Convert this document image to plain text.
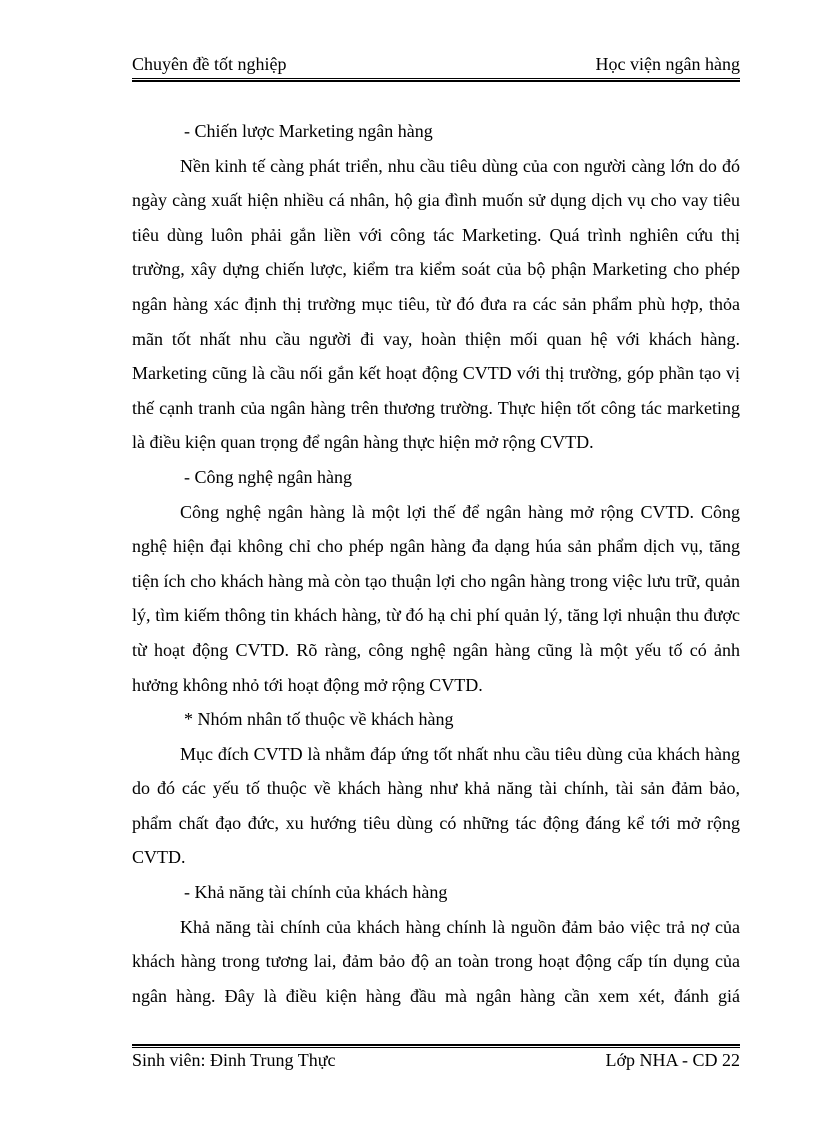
Chuyên đề tốt nghiệp	Học viện ngân hàng

- Chiến lược Marketing ngân hàng

Nền kinh tế càng phát triển, nhu cầu tiêu dùng của con người càng lớn do đó ngày càng xuất hiện nhiều cá nhân, hộ gia đình muốn sử dụng dịch vụ cho vay tiêu tiêu dùng luôn phải gắn liền với công tác Marketing. Quá trình nghiên cứu thị trường, xây dựng chiến lược, kiểm tra kiểm soát của bộ phận Marketing cho phép ngân hàng xác định thị trường mục tiêu, từ đó đưa ra các sản phẩm phù hợp, thỏa mãn tốt nhất nhu cầu người đi vay, hoàn thiện mối quan hệ với khách hàng. Marketing cũng là cầu nối gắn kết hoạt động CVTD với thị trường, góp phần tạo vị thế cạnh tranh của ngân hàng trên thương trường. Thực hiện tốt công tác marketing là điều kiện quan trọng để ngân hàng thực hiện mở rộng CVTD.

- Công nghệ ngân hàng

Công nghệ ngân hàng là một lợi thế để ngân hàng mở rộng CVTD. Công nghệ hiện đại không chỉ cho phép ngân hàng đa dạng húa sản phẩm dịch vụ, tăng tiện ích cho khách hàng mà còn tạo thuận lợi cho ngân hàng trong việc lưu trữ, quản lý, tìm kiếm thông tin khách hàng, từ đó hạ chi phí quản lý, tăng lợi nhuận thu được từ hoạt động CVTD. Rõ ràng, công nghệ ngân hàng cũng là một yếu tố có ảnh hưởng không nhỏ tới hoạt động mở rộng CVTD.

* Nhóm nhân tố thuộc về khách hàng

Mục đích CVTD là nhằm đáp ứng tốt nhất nhu cầu tiêu dùng của khách hàng do đó các yếu tố thuộc về khách hàng như khả năng tài chính, tài sản đảm bảo, phẩm chất đạo đức, xu hướng tiêu dùng có những tác động đáng kể tới mở rộng CVTD.

- Khả năng tài chính của khách hàng

Khả năng tài chính của khách hàng chính là nguồn đảm bảo việc trả nợ của khách hàng trong tương lai, đảm bảo độ an toàn trong hoạt động cấp tín dụng của ngân hàng. Đây là điều kiện hàng đầu mà ngân hàng cần xem xét, đánh giá

Sinh viên: Đinh Trung Thực	Lớp NHA - CD 22
